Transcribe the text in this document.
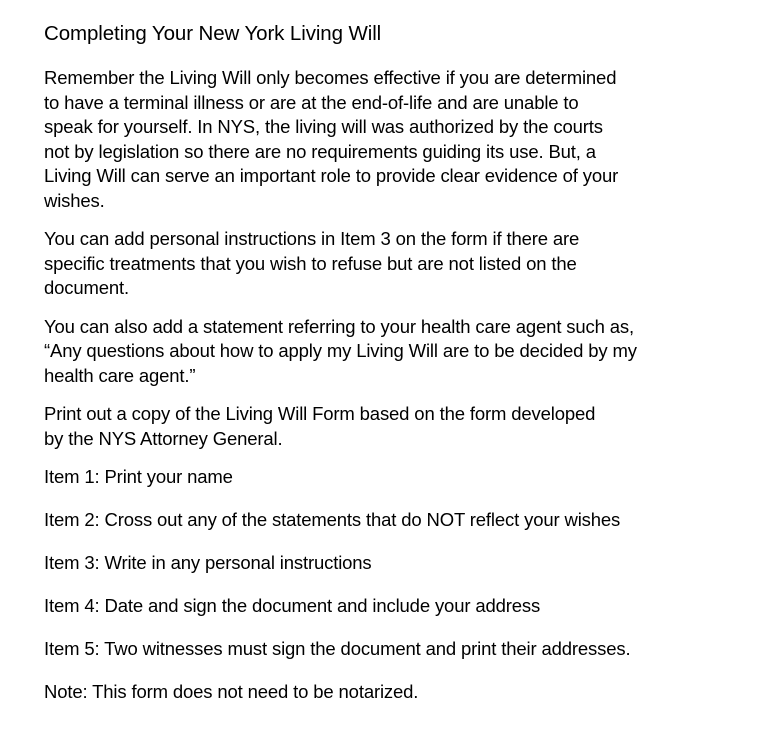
Completing Your New York Living Will

Remember the Living Will only becomes effective if you are determined
to have a terminal illness or are at the end-of-life and are unable to
speak for yourself. In NYS, the living will was authorized by the courts
not by legislation so there are no requirements guiding its use. But, a
Living Will can serve an important role to provide clear evidence of your
wishes.

You can add personal instructions in Item 3 on the form if there are
specific treatments that you wish to refuse but are not listed on the
document.

You can also add a statement referring to your health care agent such as,
“Any questions about how to apply my Living Will are to be decided by my
health care agent.”

Print out a copy of the Living Will Form based on the form developed
by the NYS Attorney General.

Item 1: Print your name

Item 2: Cross out any of the statements that do NOT reflect your wishes

Item 3: Write in any personal instructions

Item 4: Date and sign the document and include your address

Item 5: Two witnesses must sign the document and print their addresses.

Note: This form does not need to be notarized.
